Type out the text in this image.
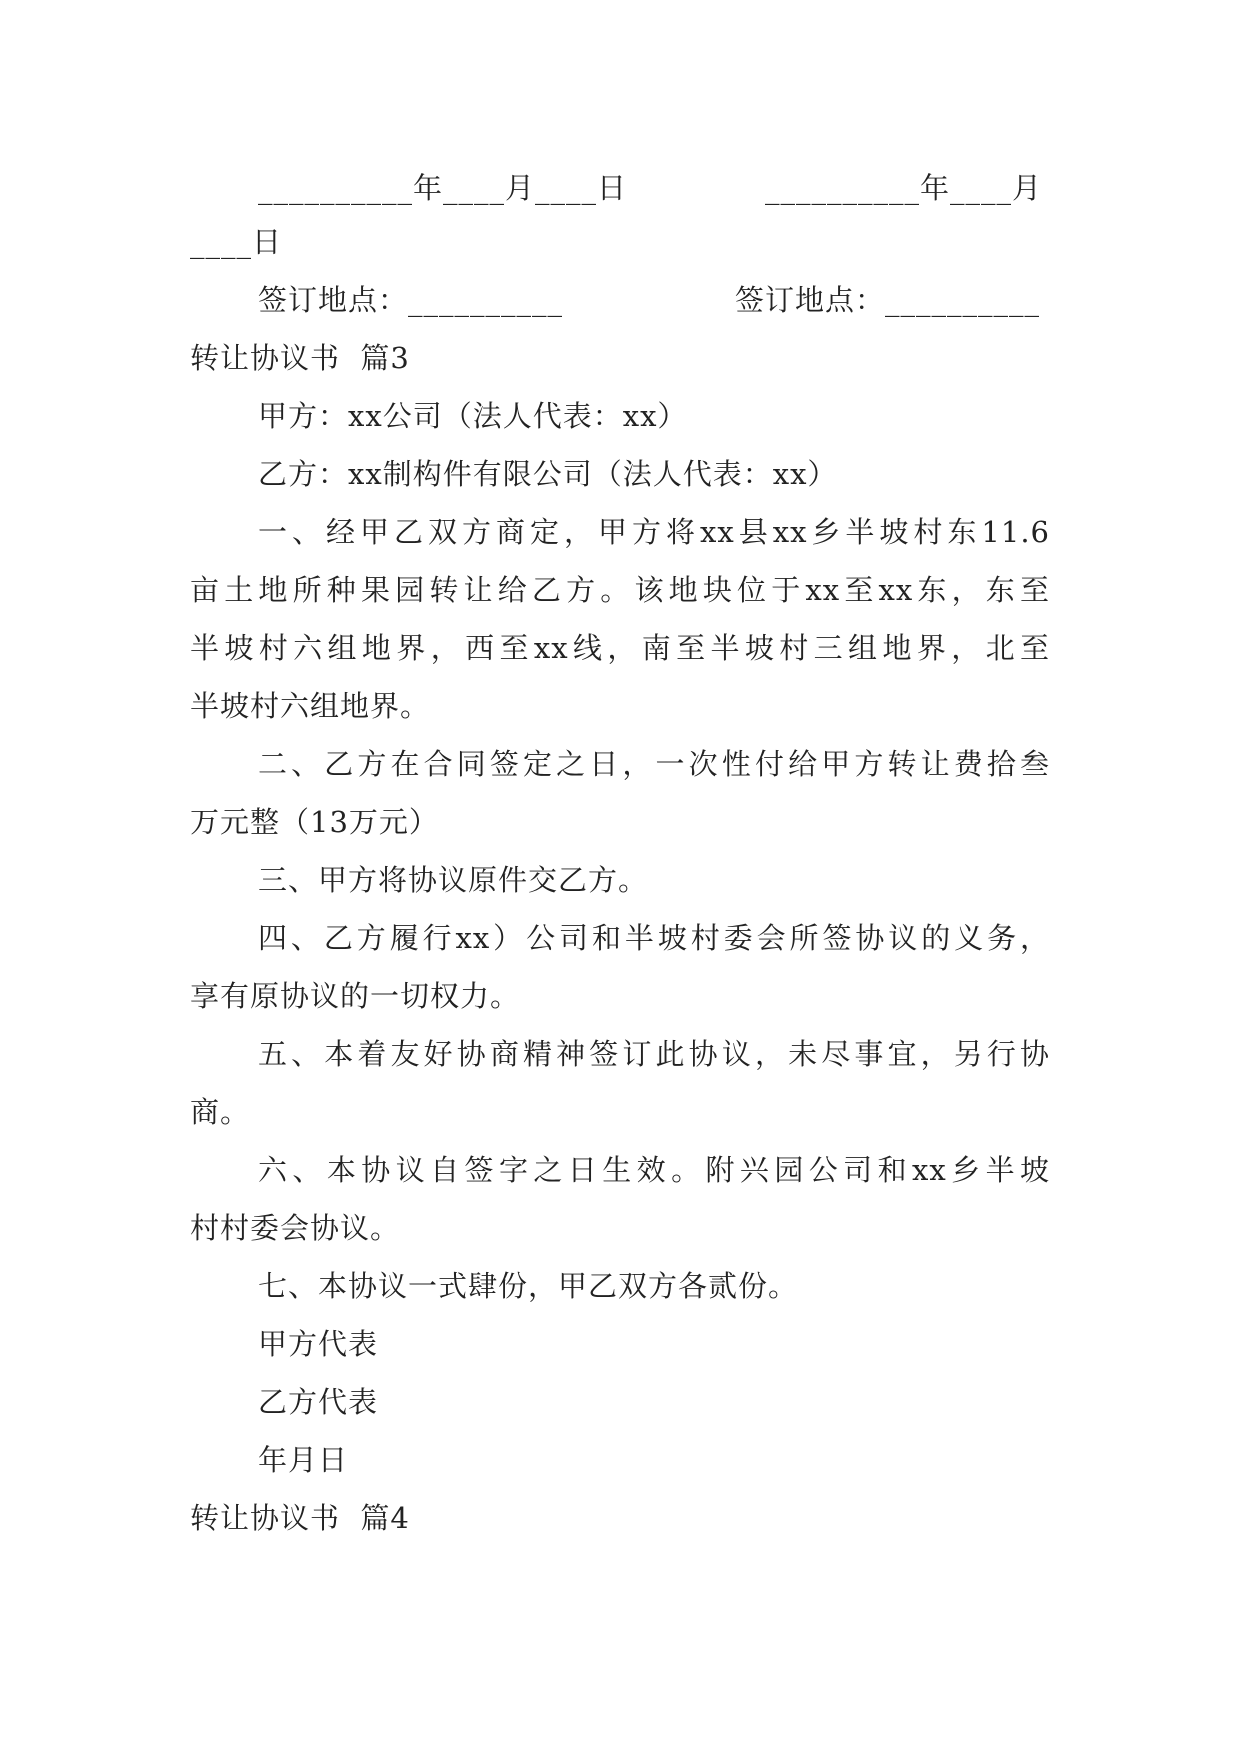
__________年____月____日	__________年____月
____日
签订地点：__________	签订地点：__________
转让协议书  篇3
甲方：xx公司（法人代表：xx）
乙方：xx制构件有限公司（法人代表：xx）
一、经甲乙双方商定，甲方将xx县xx乡半坡村东11.6
亩土地所种果园转让给乙方。该地块位于xx至xx东，东至
半坡村六组地界，西至xx线，南至半坡村三组地界，北至
半坡村六组地界。
二、乙方在合同签定之日，一次性付给甲方转让费拾叁
万元整（13万元）
三、甲方将协议原件交乙方。
四、乙方履行xx）公司和半坡村委会所签协议的义务，
享有原协议的一切权力。
五、本着友好协商精神签订此协议，未尽事宜，另行协
商。
六、本协议自签字之日生效。附兴园公司和xx乡半坡
村村委会协议。
七、本协议一式肆份，甲乙双方各贰份。
甲方代表
乙方代表
年月日
转让协议书  篇4
